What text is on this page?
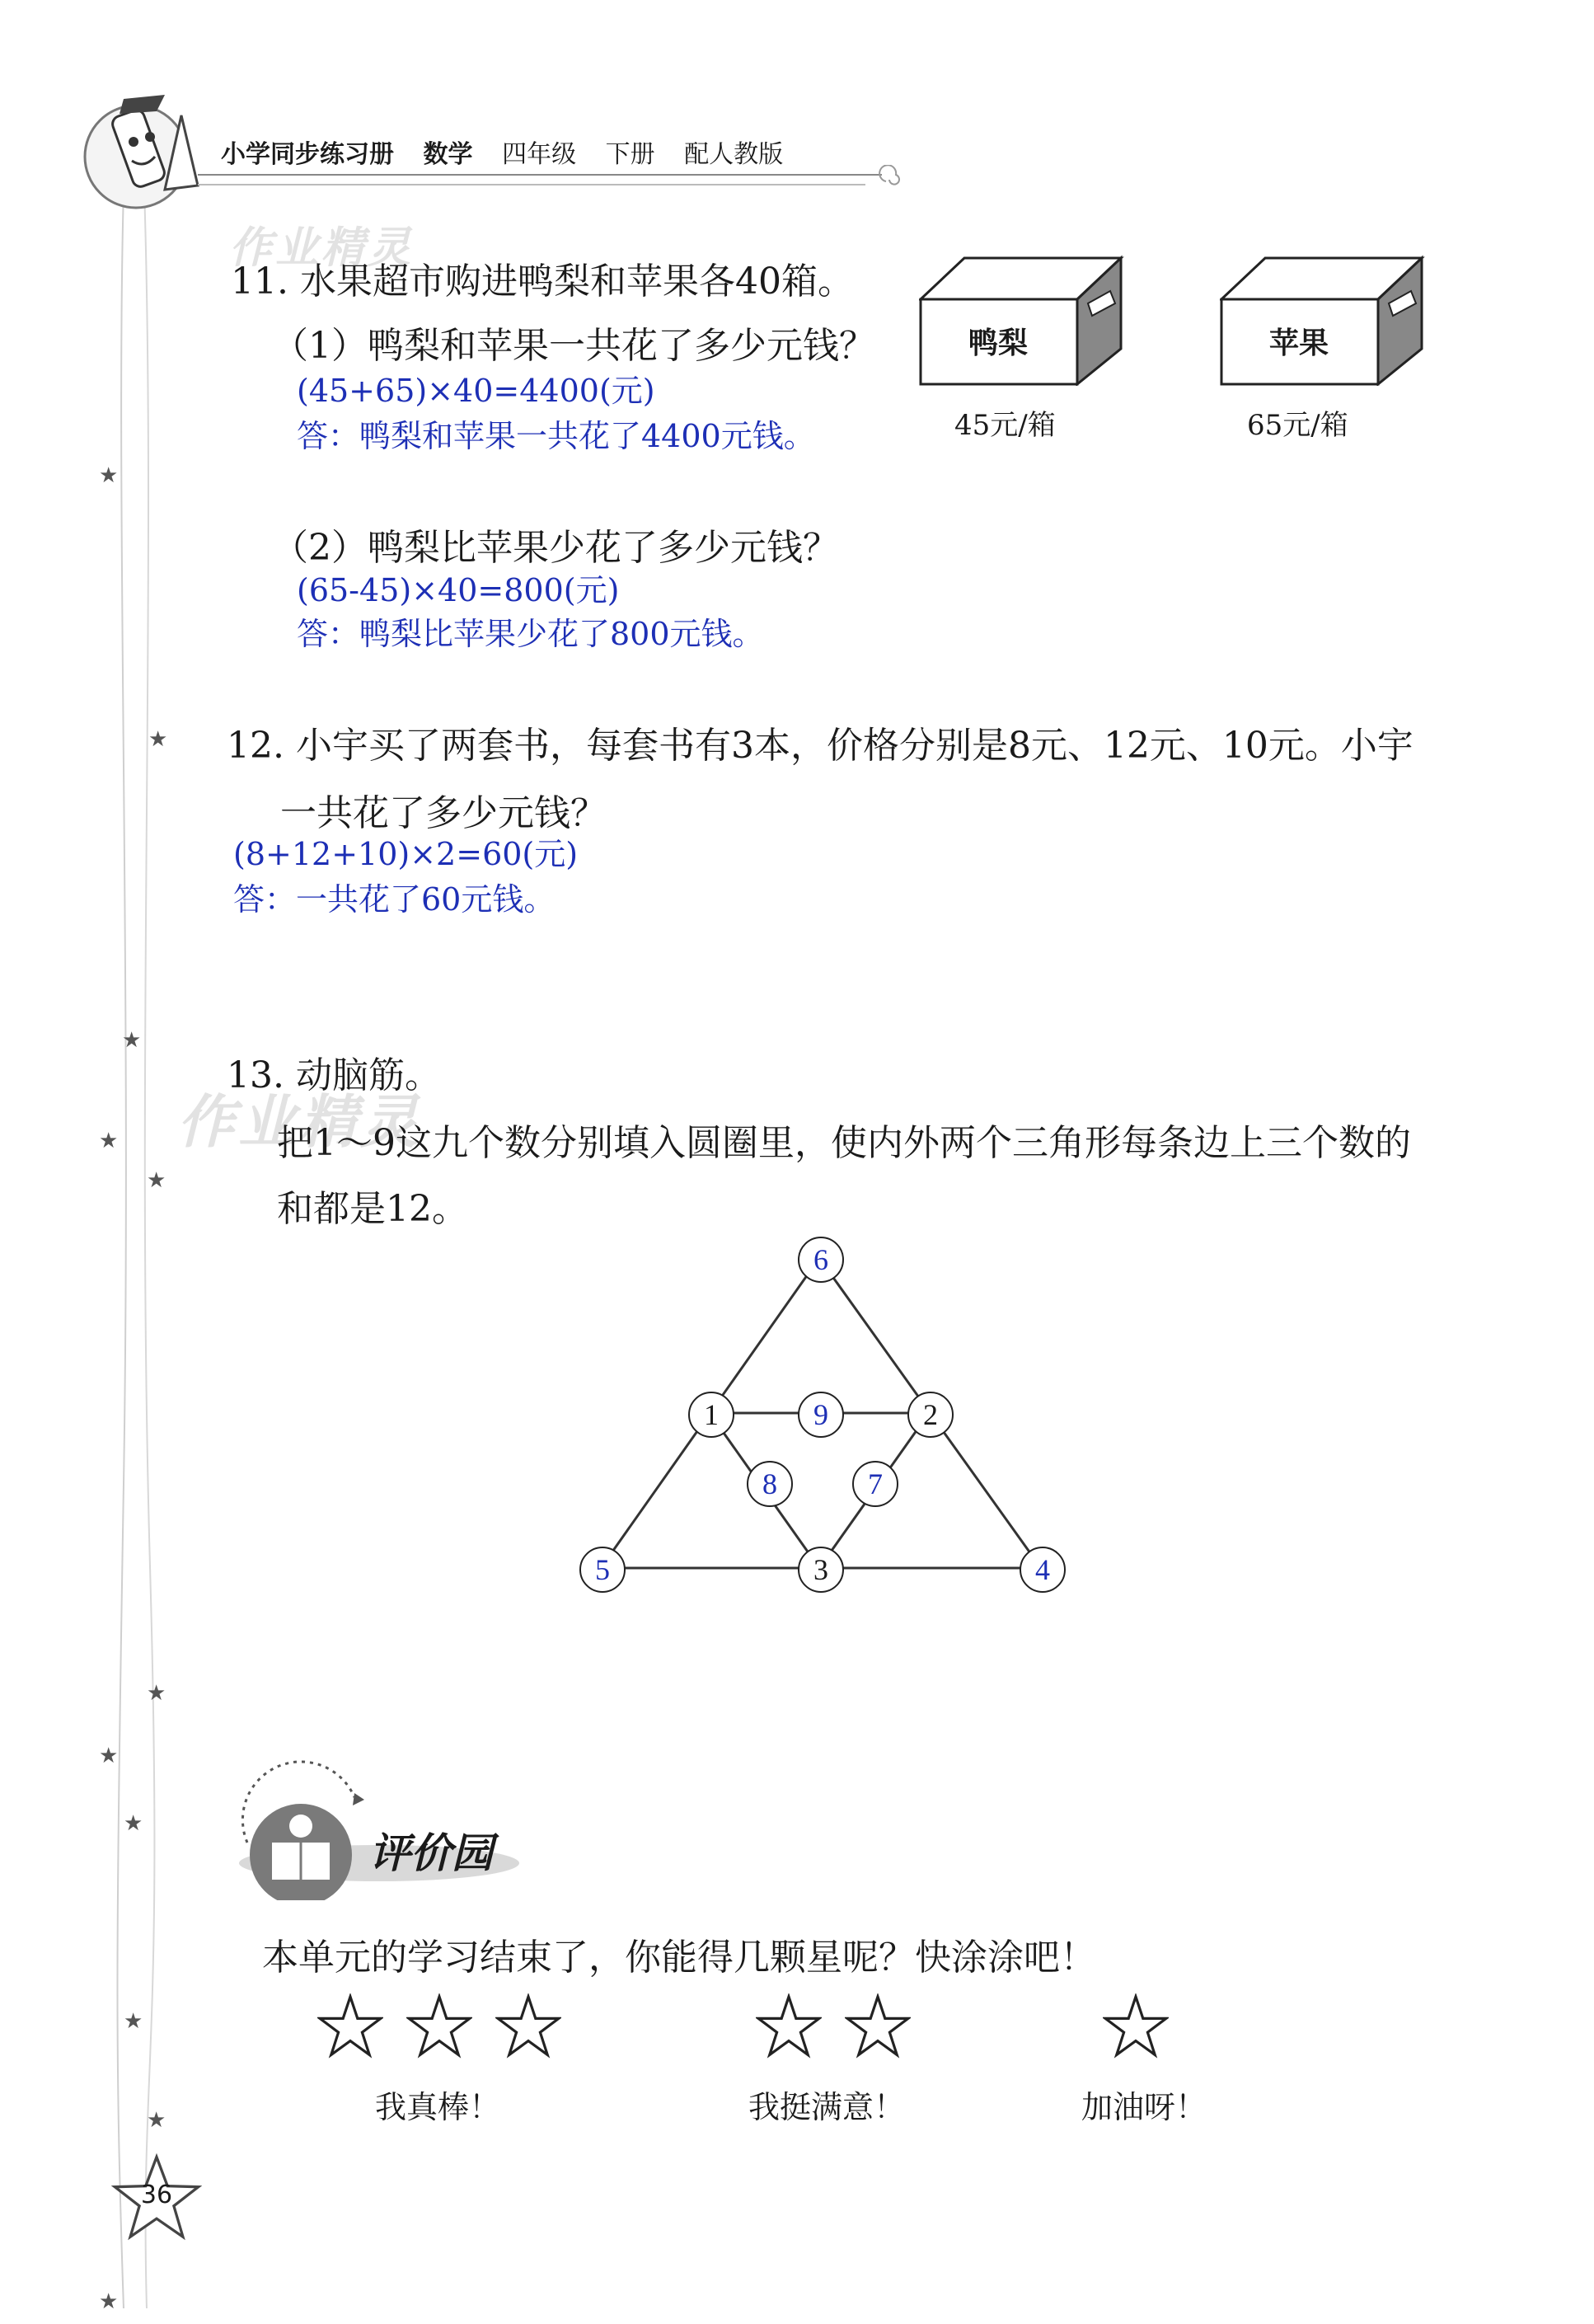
★
★
★
★
★
★
★
★
★
★
★
小学同步练习册 数学 四年级 下册 配人教版
作业精灵
作业精灵
11. 水果超市购进鸭梨和苹果各40箱。
（1）鸭梨和苹果一共花了多少元钱？
(45+65)×40=4400(元)
答：鸭梨和苹果一共花了4400元钱。
（2）鸭梨比苹果少花了多少元钱？
(65-45)×40=800(元)
答：鸭梨比苹果少花了800元钱。
鸭梨
45元/箱
苹果
65元/箱
12. 小宇买了两套书，每套书有3本，价格分别是8元、12元、10元。小宇
一共花了多少元钱？
(8+12+10)×2=60(元)
答：一共花了60元钱。
13. 动脑筋。
把1～9这九个数分别填入圆圈里，使内外两个三角形每条边上三个数的
和都是12。
6
1	9	2
8	7
5	3	4
评价园
本单元的学习结束了，你能得几颗星呢？快涂涂吧！
我真棒！	我挺满意！	加油呀！
36
